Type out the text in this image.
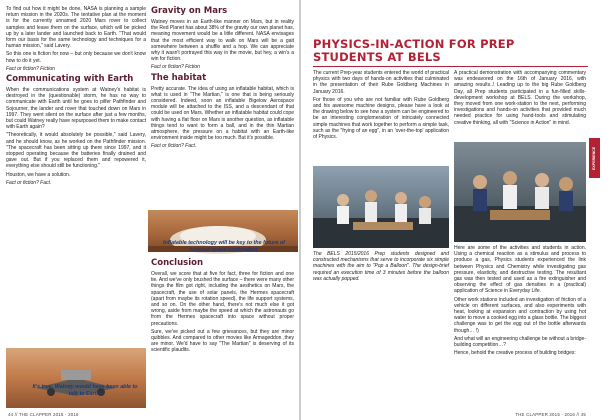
To find out how it might be done, NASA is planning a sample return mission in the 2020s. The tentative plan at the moment is for the currently unnamed 2020 Mars rover to collect samples and leave them on the surface, which will be picked up by a later lander and launched back to Earth. "That would form our basis for the same technology and techniques for a human mission," said Lavery.

So this one is fiction for now – but only because we don't know how to do it yet.

Fact or fiction? Fiction

Communicating with Earth

When the communications system at Watney's habitat is destroyed in the (questionable) storm, he has no way to communicate with Earth until he goes to pilfer Pathfinder and Sojourner, the lander and rover that touched down on Mars in 1997. They went silent on the surface after just a few months, but could Watney really have repurposed them to make contact with Earth again?

"Theoretically, it would absolutely be possible," said Lavery, and he should know, as he worked on the Pathfinder mission. "The spacecraft has been sitting up there since 1997, and it stopped operating because the batteries finally drained and gave out. But if you replaced them and repowered it, everything else should still be functioning."

Houston, we have a solution.

Fact or fiction? Fact.

Gravity on Mars

Watney moves in an Earth-like manner on Mars, but in reality the Red Planet has about 38% of the gravity our own planet has, meaning movement would be a little different. NASA envisages that the most efficient way to walk on Mars will be a gait somewhere between a shuffle and a hop. We can appreciate why it wasn't portrayed this way in the movie, but hey, a win's a win for fiction.

Fact or fiction? Fiction

The habitat

Pretty accurate. The idea of using an inflatable habitat, which is what is used in "The Martian," is one that is being seriously considered. Indeed, soon an inflatable Bigelow Aerospace module will be attached to the ISS, and a descendant of that could be used on Mars. Whether an inflatable habitat could cope with having a flat floor on Mars is another question, as inflatable things tend to want to form a ball, and in the thin Martian atmosphere, the pressure on a habitat with an Earth-like environment inside might be too much. But it's possible.

Fact or fiction? Fact.

Inflatable technology will be key to the future of manned space exploration.
Conclusion

Overall, we score that at five for fact, three for fiction and one tie. And we've only brushed the surface – there were many other things the film got right, including the aesthetics on Mars, the spacecraft, the use of solar panels, the Hermes spacecraft (apart from maybe its rotation speed), the life support systems, and so on. On the other hand, there's not much else it got wrong, aside from maybe the speed at which the astronauts go from the Hermes spacecraft into space without proper precautions.

Sure, we've picked out a few grievances, but they are minor quibbles. And compared to other movies like Armageddon ,they are minor. We'd have to say "The Martian" is deserving of its scientific plaudits.

It's true, Watney would have been able to talk to Earth.
44 // THE CLAPPER 2015 - 2016
PHYSICS-IN-ACTION FOR PREP STUDENTS AT BELS

The current Prep-year students entered the world of practical physics with two days of hands-on activities that culminated in the presentation of their Rube Goldberg Machines in January 2016.

For those of you who are not familiar with Rube Goldberg and his awesome machine designs, please have a look at the drawing below to see how a system can be engineered to be an interesting conglomeration of intricately connected simple machines that work together to perform a simple task, such as the "frying of an egg", in an 'over-the-top' application of Physics.

The BELS 2015/2016 Prep students designed and constructed mechanisms that serve to incorporate six simple machines with the aim to "Pop a Balloon". The design-brief required an execution time of 3 minutes before the balloon was actually popped.

A practical demonstration with accompanying commentary was endeavored on the 16th of January 2016, with amazing results..! Leading up to the big Rube Goldberg Day, all Prep students participated in a fun-filled skills-development workshop at BELS. During the workshop, they moved from one work-station to the next, performing investigations and hands-on activities that provided much needed practice for using hand-tools and stimulating creative thinking, all with "Science in Action" in mind.

Here are some of the activities and students in action. Using a chemical reaction as a stimulus and process to produce a gas, Physics students experienced the link between Physics and Chemistry while investigating gas pressure, elasticity, and destructive testing. The resultant gas was then tested and used as a fire extinguisher and observing the effect of gas densities in a (practical) application of Science in Everyday Life.

Other work stations included an investigation of friction of a vehicle on different surfaces, and also experiments with heat, looking at expansion and contraction by using hot water to move a cooked egg into a glass bottle. The biggest challenge was to get the egg out of the bottle afterwards though… !)

And what will an engineering challenge be without a bridge-building competition…?

Hence, behold the creative process of building bridges:

EXPERIENCE SCIENCE
THE CLAPPER 2015 - 2016 // 45
